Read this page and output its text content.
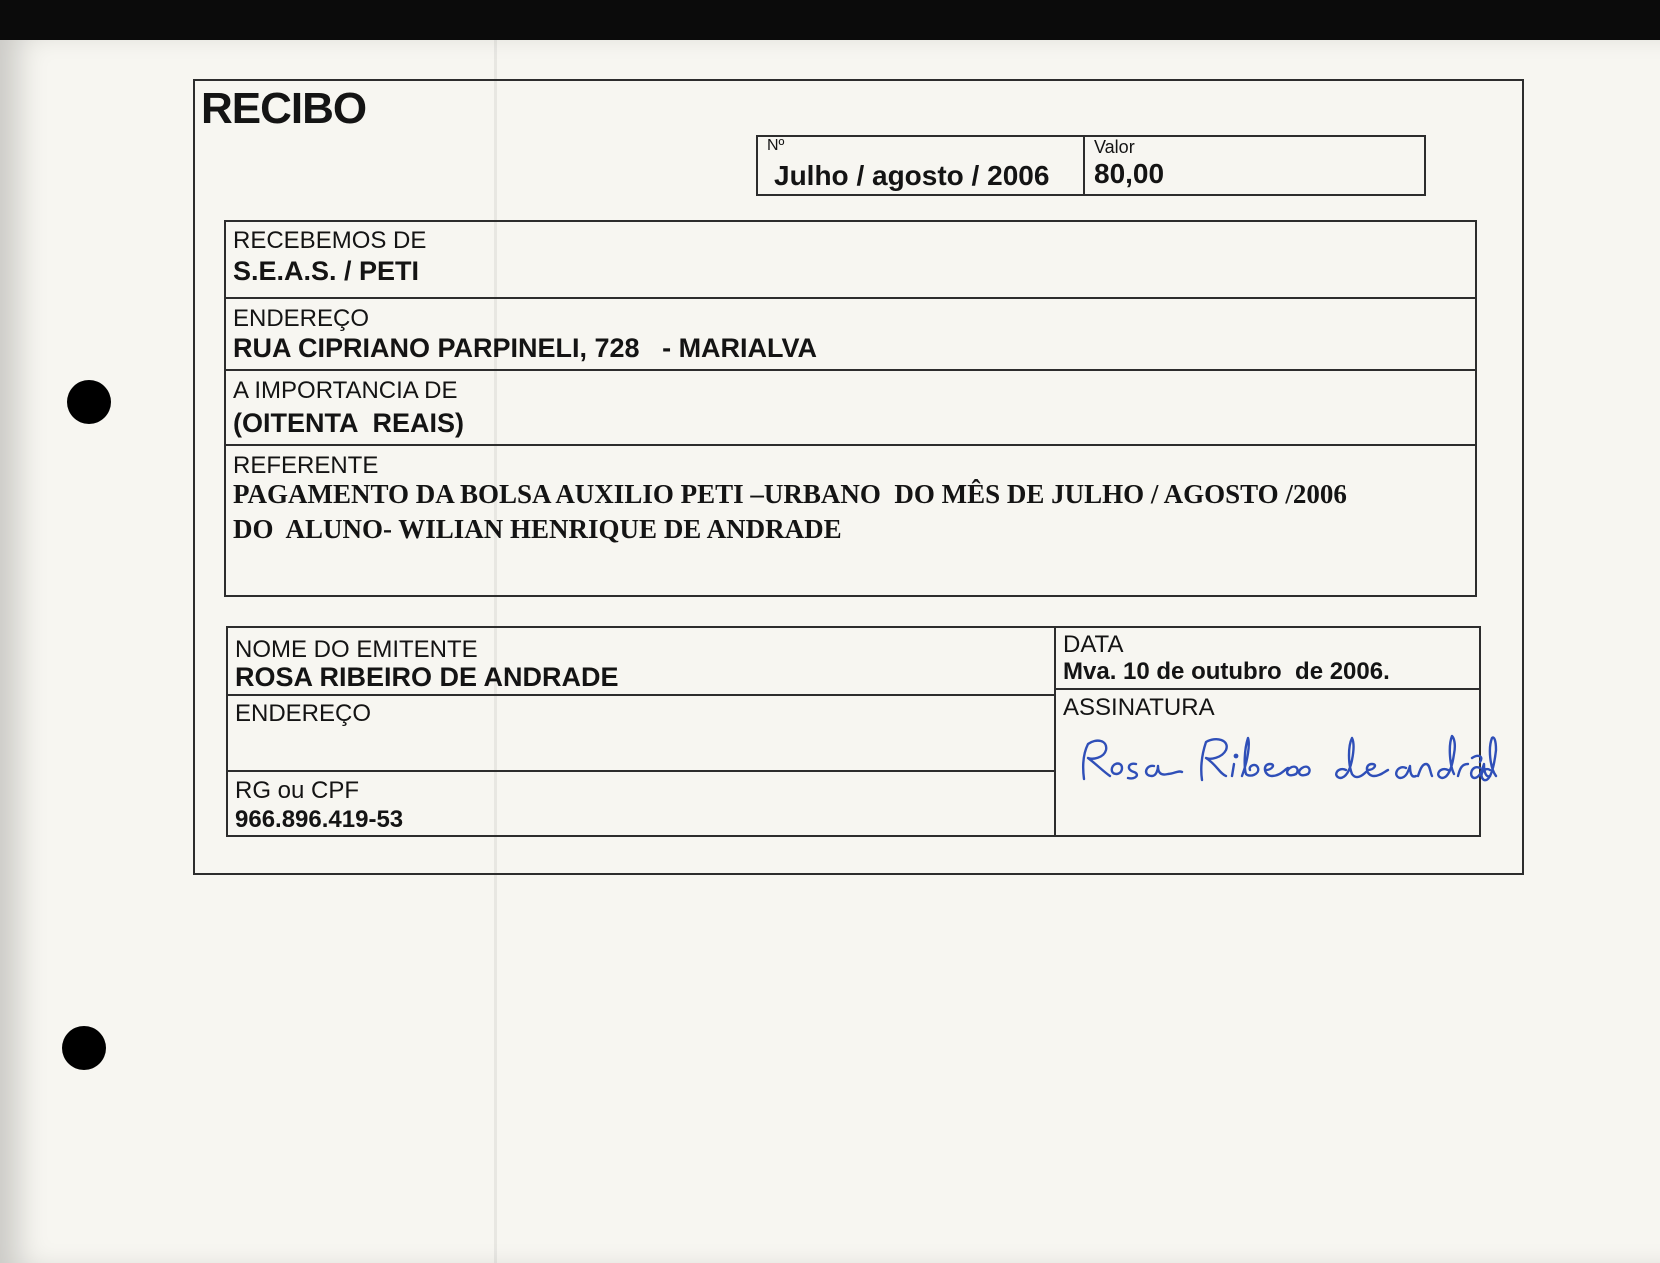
RECIBO
Nº
Julho / agosto / 2006
Valor
80,00
RECEBEMOS DE
S.E.A.S. / PETI
ENDEREÇO
RUA CIPRIANO PARPINELI, 728   - MARIALVA
A IMPORTANCIA DE
(OITENTA  REAIS)
REFERENTE
PAGAMENTO DA BOLSA AUXILIO PETI –URBANO  DO MÊS DE JULHO / AGOSTO /2006
DO  ALUNO- WILIAN HENRIQUE DE ANDRADE
NOME DO EMITENTE
ROSA RIBEIRO DE ANDRADE
ENDEREÇO
RG ou CPF
966.896.419-53
DATA
Mva. 10 de outubro  de 2006.
ASSINATURA
